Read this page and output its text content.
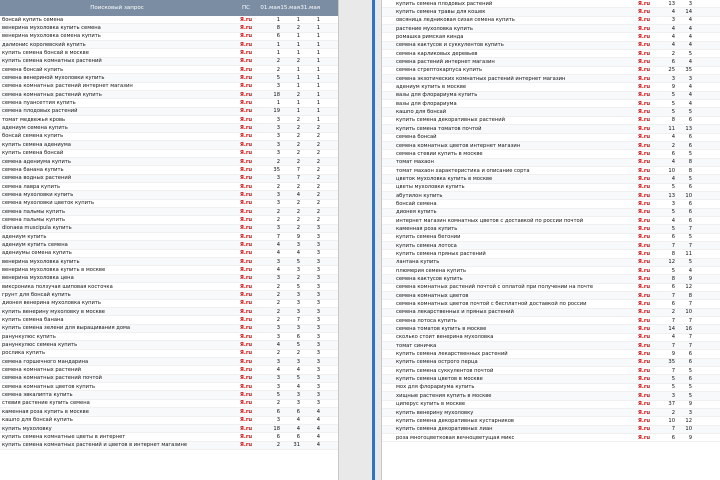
Поисковый запрос	ПС	01.мая 15.мая 31.мая
бонсай купить семена	Я.ru	1	1	1
венерина мухоловка купить семена	Я.ru	8	2	1
венерина мухоловка семена купить	Я.ru	6	1	1
далионис королевский купить	Я.ru	1	1	1
купить семена бонсай в москве	Я.ru	1	1	1
купить семена комнатных растений	Я.ru	2	2	1
семена бонсай купить	Я.ru	2	1	1
семена венериной мухоловки купить	Я.ru	5	1	1
семена комнатных растений интернет магазин	Я.ru	3	1	1
семена комнатных растений купить	Я.ru	18	2	1
семена пуансеттия купить	Я.ru	1	1	1
семена плодовых растений	Я.ru	19	1	1
томат медвежья кровь	Я.ru	3	2	1
адениум семена купить	Я.ru	3	2	2
бонсай семена купить	Я.ru	3	2	2
купить семена адениума	Я.ru	3	2	2
купить семена бонсай	Я.ru	3	2	2
семена адениума купить	Я.ru	2	2	2
семена банана купить	Я.ru	35	7	2
семена водных растений	Я.ru	3	7	2
семена лавра купить	Я.ru	2	2	2
семена мухоловки купить	Я.ru	3	4	2
семена мухоловки цветок купить	Я.ru	3	2	2
семена пальмы купить	Я.ru	2	2	2
семена пальмы купить	Я.ru	2	2	2
dionaea muscipula купить	Я.ru	3	2	3
адениум купить	Я.ru	7	9	3
адениум купить семена	Я.ru	4	3	3
адениумы семена купить	Я.ru	4	4	3
венерина мухоловка купить	Я.ru	3	5	3
венерина мухоловка купить в москве	Я.ru	4	3	3
венерина мухоловка цена	Я.ru	3	2	3
виксроника ползучая шиповая косточка	Я.ru	2	5	3
грунт для бонсай купить	Я.ru	2	3	3
дионея венерина мухоловка купить	Я.ru	2	3	3
купить венерину мухоловку в москве	Я.ru	2	3	3
купить семена банана	Я.ru	2	7	3
купить семена зелени для выращивания дома	Я.ru	3	3	3
ранункулюс купить	Я.ru	3	6	3
ранункулюс семена купить	Я.ru	4	5	3
рослика купить	Я.ru	2	2	3
семена горшечного мандарина	Я.ru	3	3	3
семена комнатных растений	Я.ru	4	4	3
семена комнатных растений почтой	Я.ru	3	5	3
семена комнатных цветов купить	Я.ru	3	4	3
семена эвкалипта купить	Я.ru	5	3	3
стевия растение купить семена	Я.ru	2	3	3
каменная роза купить в москве	Я.ru	6	6	4
кашпо для бонсай купить	Я.ru	3	4	4
купить мухоловку	Я.ru	18	4	4
купить семена комнатные цветы в интернет	Я.ru	6	6	4
купить семена комнатных растений и цветов в интернет магазине	Я.ru	2	31	4
купить семена плодовых растений	Я.ru	13	3
купить семена травы для кошек	Я.ru	4	14
овсяница ледниковая сизая семена купить	Я.ru	3	4
растение мухоловка купить	Я.ru	4	4
ромашка римская кинда	Я.ru	4	4
семена кактусов и суккулентов купить	Я.ru	4	4
семена карликовых деревьев	Я.ru	2	5
семена растений интернет магазин	Я.ru	6	4
семена стрептокарпуса купить	Я.ru	25	35
семена экзотических комнатных растений интернет магазин	Я.ru	3	3
адениум купить в москве	Я.ru	9	4
вазы для флорариума купить	Я.ru	5	4
вазы для флорариума	Я.ru	5	4
кашпо для бонсай	Я.ru	5	5
купить семена декоративных растений	Я.ru	8	6
купить семена томатов почтой	Я.ru	11	13
семена бонсай	Я.ru	4	6
семена комнатных цветов интернет магазин	Я.ru	2	6
семена стевии купить в москве	Я.ru	6	5
томат махаон	Я.ru	4	8
томат махаон характеристика и описание сорта	Я.ru	10	8
цветок мухоловка купить в москве	Я.ru	4	5
цветы мухоловки купить	Я.ru	5	6
абутилон купить	Я.ru	13	10
бонсай семена	Я.ru	3	6
дионея купить	Я.ru	5	6
интернет магазин комнатных цветов с доставкой по россии почтой	Я.ru	4	6
каменная роза купить	Я.ru	5	7
купить семена бегонии	Я.ru	6	5
купить семена лотоса	Я.ru	7	7
купить семена пряных растений	Я.ru	8	11
лантана купить	Я.ru	12	5
плюмерия семена купить	Я.ru	5	4
семена кактусов купить	Я.ru	8	9
семена комнатных растений почтой с оплатой при получении на почте	Я.ru	6	12
семена комнатных цветов	Я.ru	7	8
семена комнатных цветов почтой с бесплатной доставкой по россии	Я.ru	6	7
семена лекарственных и пряных растений	Я.ru	2	10
семена лотоса купить	Я.ru	7	7
семена томатов купить в москве	Я.ru	14	16
сколько стоит венерина мухоловка	Я.ru	4	7
томат синичка	Я.ru	7	7
купить семена лекарственных растений	Я.ru	9	6
купить семена острого перца	Я.ru	35	6
купить семена суккулентов почтой	Я.ru	7	5
купить семена цветов в москве	Я.ru	5	6
мох для флорариума купить	Я.ru	5	5
хищные растения купить в москве	Я.ru	3	5
циперус купить в москве	Я.ru	37	9
купить венерину мухоловку	Я.ru	2	3
купить семена декоративных кустарников	Я.ru	10	12
купить семена декоративных лиан	Я.ru	7	10
роза многоцветковая вечноцветущая микс	Я.ru	6	9
